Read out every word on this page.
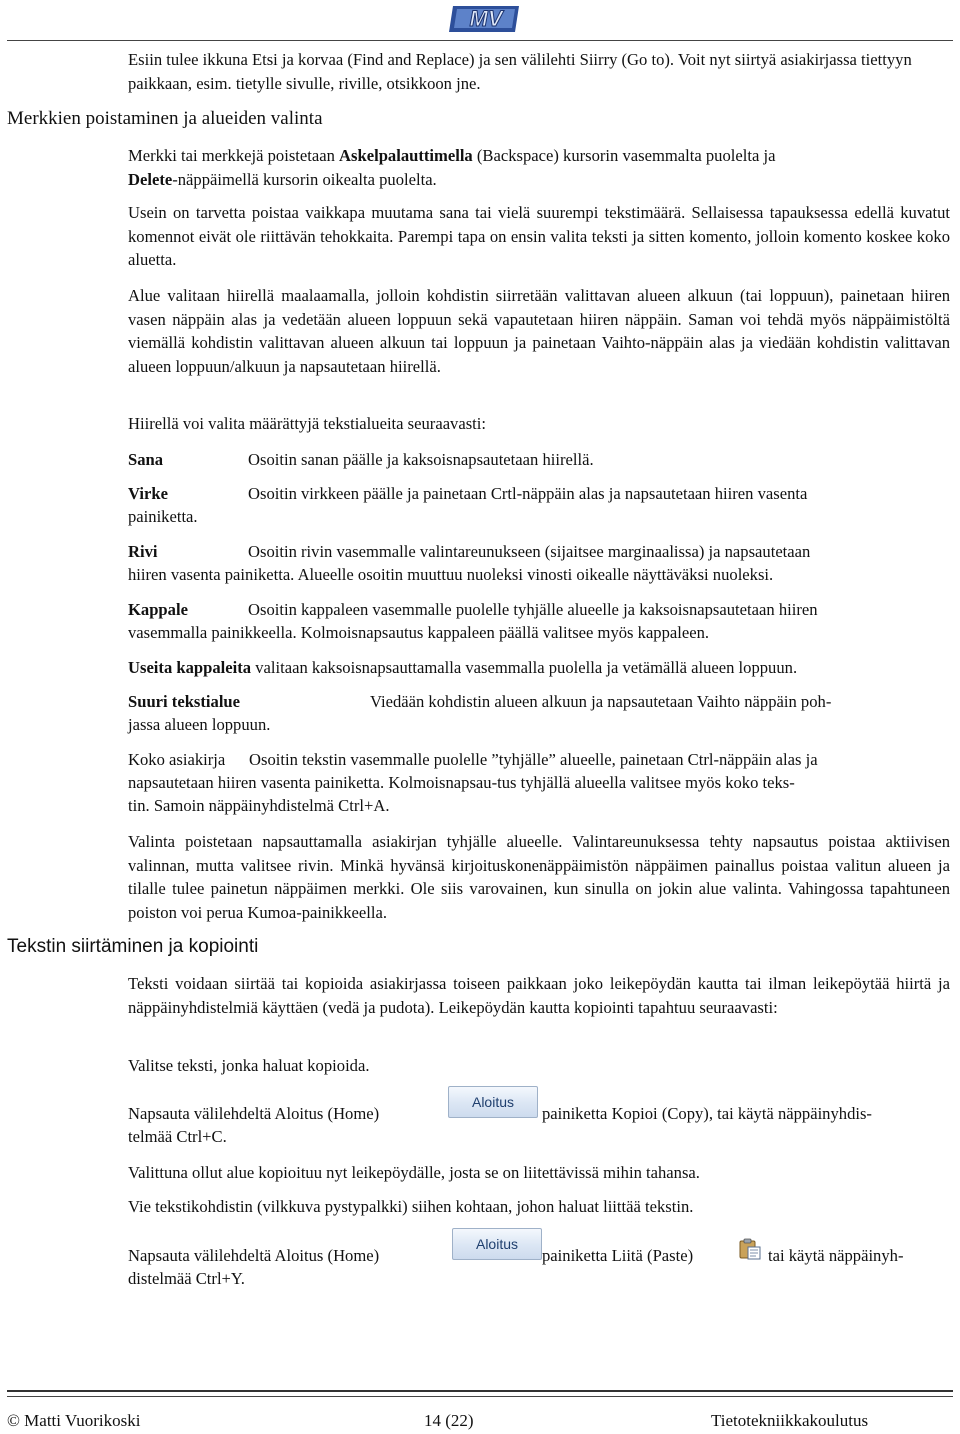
MV

Esiin tulee ikkuna Etsi ja korvaa (Find and Replace) ja sen välilehti Siirry (Go to). Voit nyt siirtyä asiakirjassa tiettyyn paikkaan, esim. tietylle sivulle, riville, otsikkoon jne.

Merkkien poistaminen ja alueiden valinta

Merkki tai merkkejä poistetaan Askelpalauttimella (Backspace) kursorin vasemmalta puolelta ja
Delete-näppäimellä kursorin oikealta puolelta.

Usein on tarvetta poistaa vaikkapa muutama sana tai vielä suurempi tekstimäärä. Sellaisessa tapauksessa edellä kuvatut komennot eivät ole riittävän tehokkaita. Parempi tapa on ensin valita teksti ja sitten komento, jolloin komento koskee koko aluetta.

Alue valitaan hiirellä maalaamalla, jolloin kohdistin siirretään valittavan alueen alkuun (tai loppuun), painetaan hiiren vasen näppäin alas ja vedetään alueen loppuun sekä vapautetaan hiiren näppäin. Saman voi tehdä myös näppäimistöltä viemällä kohdistin valittavan alueen alkuun tai loppuun ja painetaan Vaihto-näppäin alas ja viedään kohdistin valittavan alueen loppuun/alkuun ja napsautetaan hiirellä.

Hiirellä voi valita määrättyjä tekstialueita seuraavasti:

Sana	Osoitin sanan päälle ja kaksoisnapsautetaan hiirellä.
Virke	Osoitin virkkeen päälle ja painetaan Crtl-näppäin alas ja napsautetaan hiiren vasenta
painiketta.
Rivi	Osoitin rivin vasemmalle valintareunukseen (sijaitsee marginaalissa) ja napsautetaan
hiiren vasenta painiketta. Alueelle osoitin muuttuu nuoleksi vinosti oikealle näyttäväksi nuoleksi.
Kappale	Osoitin kappaleen vasemmalle puolelle tyhjälle alueelle ja kaksoisnapsautetaan hiiren
vasemmalla painikkeella. Kolmoisnapsautus kappaleen päällä valitsee myös kappaleen.
Useita kappaleita valitaan kaksoisnapsauttamalla vasemmalla puolella ja vetämällä alueen loppuun.
Suuri tekstialue	Viedään kohdistin alueen alkuun ja napsautetaan Vaihto näppäin poh-
jassa alueen loppuun.
Koko asiakirja Osoitin tekstin vasemmalle puolelle ”tyhjälle” alueelle, painetaan Ctrl-näppäin alas ja
napsautetaan hiiren vasenta painiketta. Kolmoisnapsau-tus tyhjällä alueella valitsee myös koko teks-
tin. Samoin näppäinyhdistelmä Ctrl+A.

Valinta poistetaan napsauttamalla asiakirjan tyhjälle alueelle. Valintareunuksessa tehty napsautus poistaa aktiivisen valinnan, mutta valitsee rivin. Minkä hyvänsä kirjoituskonenäppäimistön näppäimen painallus poistaa valitun alueen ja tilalle tulee painetun näppäimen merkki. Ole siis varovainen, kun sinulla on jokin alue valinta. Vahingossa tapahtuneen poiston voi perua Kumoa-painikkeella.

Tekstin siirtäminen ja kopiointi

Teksti voidaan siirtää tai kopioida asiakirjassa toiseen paikkaan joko leikepöydän kautta tai ilman leikepöytää hiirtä ja näppäinyhdistelmiä käyttäen (vedä ja pudota). Leikepöydän kautta kopiointi tapahtuu seuraavasti:

Valitse teksti, jonka haluat kopioida.

Napsauta välilehdeltä Aloitus (Home)
Aloitus
painiketta Kopioi (Copy), tai käytä näppäinyhdis-
telmää Ctrl+C.

Valittuna ollut alue kopioituu nyt leikepöydälle, josta se on liitettävissä mihin tahansa.

Vie tekstikohdistin (vilkkuva pystypalkki) siihen kohtaan, johon haluat liittää tekstin.

Napsauta välilehdeltä Aloitus (Home)
Aloitus
painiketta Liitä (Paste)	tai käytä näppäinyh-
distelmää Ctrl+Y.
© Matti Vuorikoski	14 (22)	Tietotekniikkakoulutus
